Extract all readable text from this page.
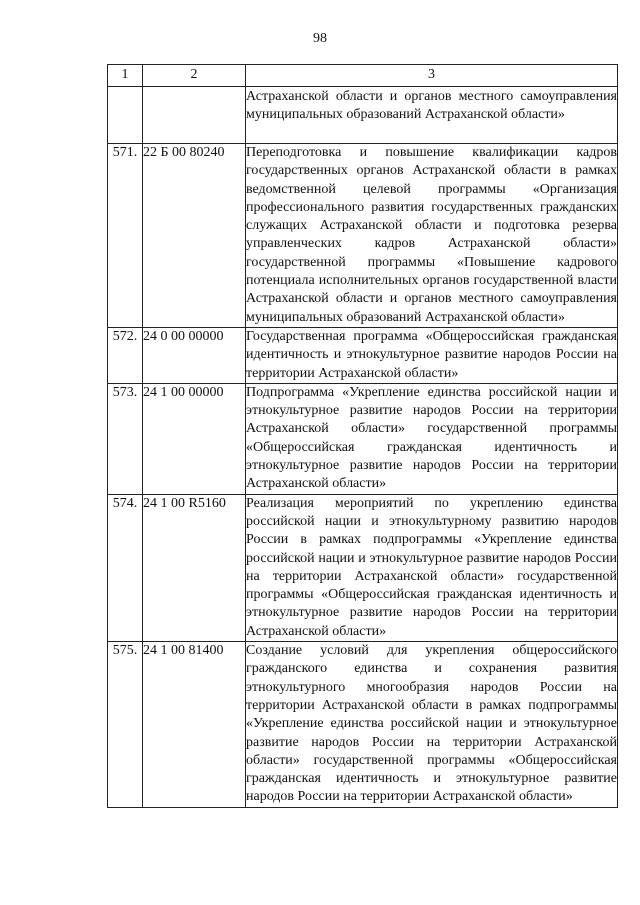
98
1	2	3
		Астраханской области и органов местного самоуправления муниципальных образований Астраханской области»
571.	22 Б 00 80240	Переподготовка и повышение квалификации кадров государственных органов Астраханской области в рамках ведомственной целевой программы «Организация профессионального развития государственных гражданских служащих Астраханской области и подготовка резерва управленческих кадров Астраханской области» государственной программы «Повышение кадрового потенциала исполнительных органов государственной власти Астраханской области и органов местного самоуправления муниципальных образований Астраханской области»
572.	24 0 00 00000	Государственная программа «Общероссийская гражданская идентичность и этнокультурное развитие народов России на территории Астраханской области»
573.	24 1 00 00000	Подпрограмма «Укрепление единства российской нации и этнокультурное развитие народов России на территории Астраханской области» государственной программы «Общероссийская гражданская идентичность и этнокультурное развитие народов России на территории Астраханской области»
574.	24 1 00 R5160	Реализация мероприятий по укреплению единства российской нации и этнокультурному развитию народов России в рамках подпрограммы «Укрепление единства российской нации и этнокультурное развитие народов России на территории Астраханской области» государственной программы «Общероссийская гражданская идентичность и этнокультурное развитие народов России на территории Астраханской области»
575.	24 1 00 81400	Создание условий для укрепления общероссийского гражданского единства и сохранения развития этнокультурного многообразия народов России на территории Астраханской области в рамках подпрограммы «Укрепление единства российской нации и этнокультурное развитие народов России на территории Астраханской области» государственной программы «Общероссийская гражданская идентичность и этнокультурное развитие народов России на территории Астраханской области»
